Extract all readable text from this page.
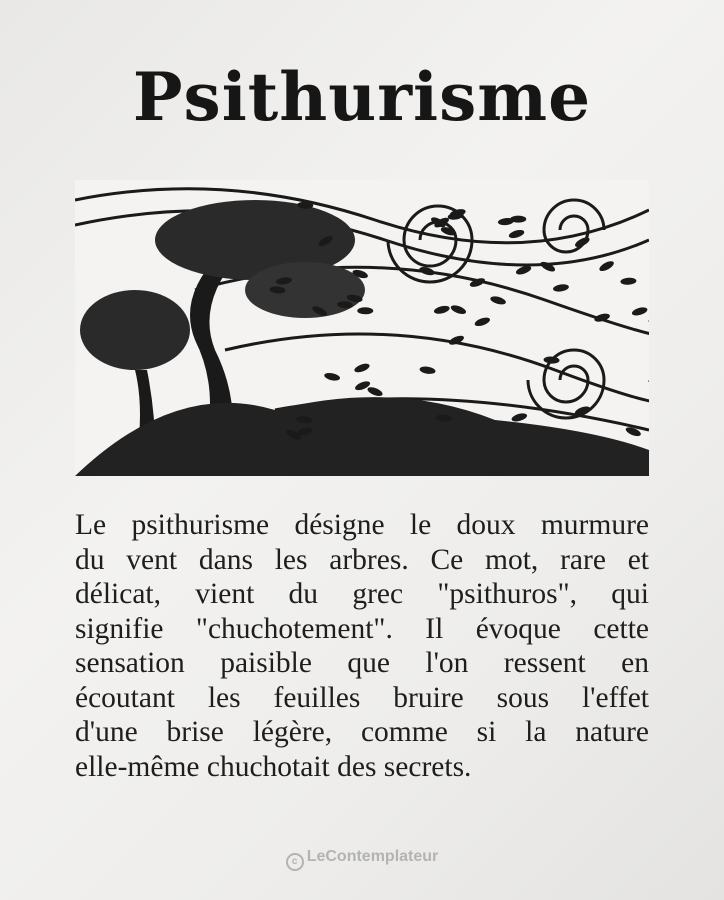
Psithurisme
Le psithurisme désigne le doux murmure
du vent dans les arbres. Ce mot, rare et
délicat, vient du grec "psithuros", qui
signifie "chuchotement". Il évoque cette
sensation paisible que l'on ressent en
écoutant les feuilles bruire sous l'effet
d'une brise légère, comme si la nature
elle-même chuchotait des secrets.
c LeContemplateur
